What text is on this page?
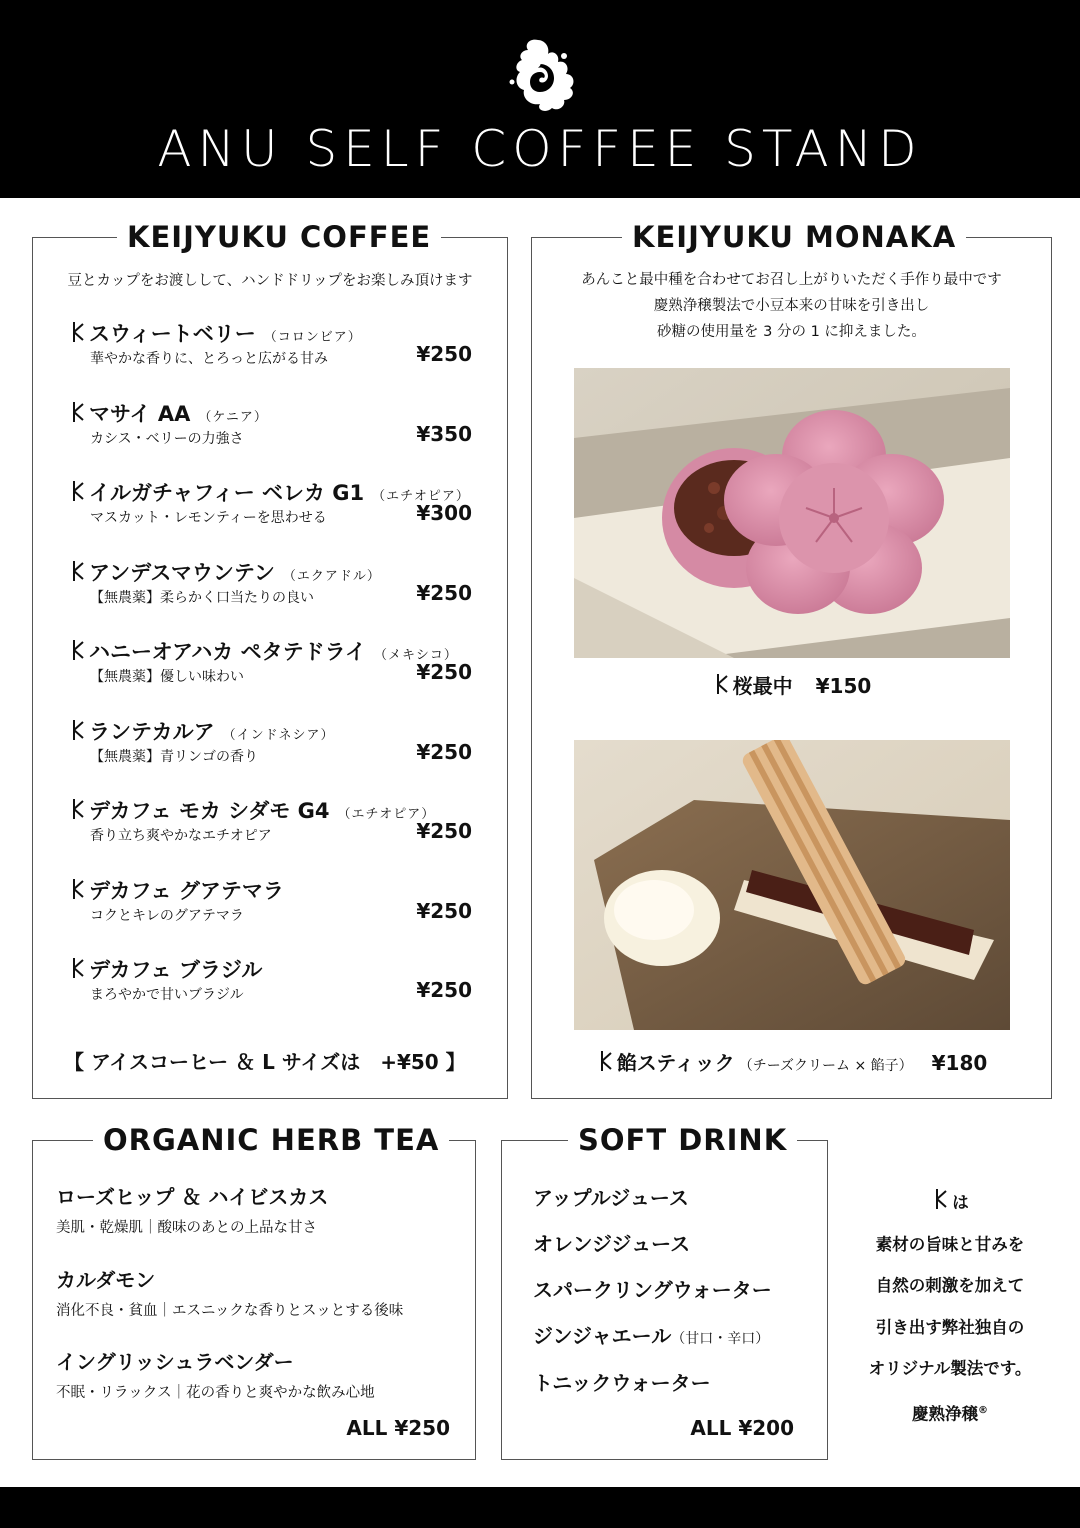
ANU SELF COFFEE STAND
KEIJYUKU COFFEE
豆とカップをお渡しして、ハンドドリップをお楽しみ頂けます
スウィートベリー （コロンビア）
華やかな香りに、とろっと広がる甘み	¥250
マサイ AA （ケニア）
カシス・ベリーの力強さ	¥350
イルガチャフィー ベレカ G1 （エチオピア）
マスカット・レモンティーを思わせる	¥300
アンデスマウンテン （エクアドル）
【無農薬】柔らかく口当たりの良い	¥250
ハニーオアハカ ペタテドライ （メキシコ）
【無農薬】優しい味わい	¥250
ランテカルア （インドネシア）
【無農薬】青リンゴの香り	¥250
デカフェ モカ シダモ G4 （エチオピア）
香り立ち爽やかなエチオピア	¥250
デカフェ グアテマラ
コクとキレのグアテマラ	¥250
デカフェ ブラジル
まろやかで甘いブラジル	¥250
【 アイスコーヒー ＆ L サイズは　+¥50 】
KEIJYUKU MONAKA
あんこと最中種を合わせてお召し上がりいただく手作り最中です
慶熟浄穣製法で小豆本来の甘味を引き出し
砂糖の使用量を 3 分の 1 に抑えました。
桜最中 ¥150
餡スティック （チーズクリーム × 餡子） ¥180
ORGANIC HERB TEA
ローズヒップ ＆ ハイビスカス
美肌・乾燥肌｜酸味のあとの上品な甘さ
カルダモン
消化不良・貧血｜エスニックな香りとスッとする後味
イングリッシュラベンダー
不眠・リラックス｜花の香りと爽やかな飲み心地
ALL ¥250
SOFT DRINK
アップルジュース
オレンジジュース
スパークリングウォーター
ジンジャエール（甘口・辛口）
トニックウォーター
ALL ¥200
は
素材の旨味と甘みを
自然の刺激を加えて
引き出す弊社独自の
オリジナル製法です。
慶熟浄穣®
